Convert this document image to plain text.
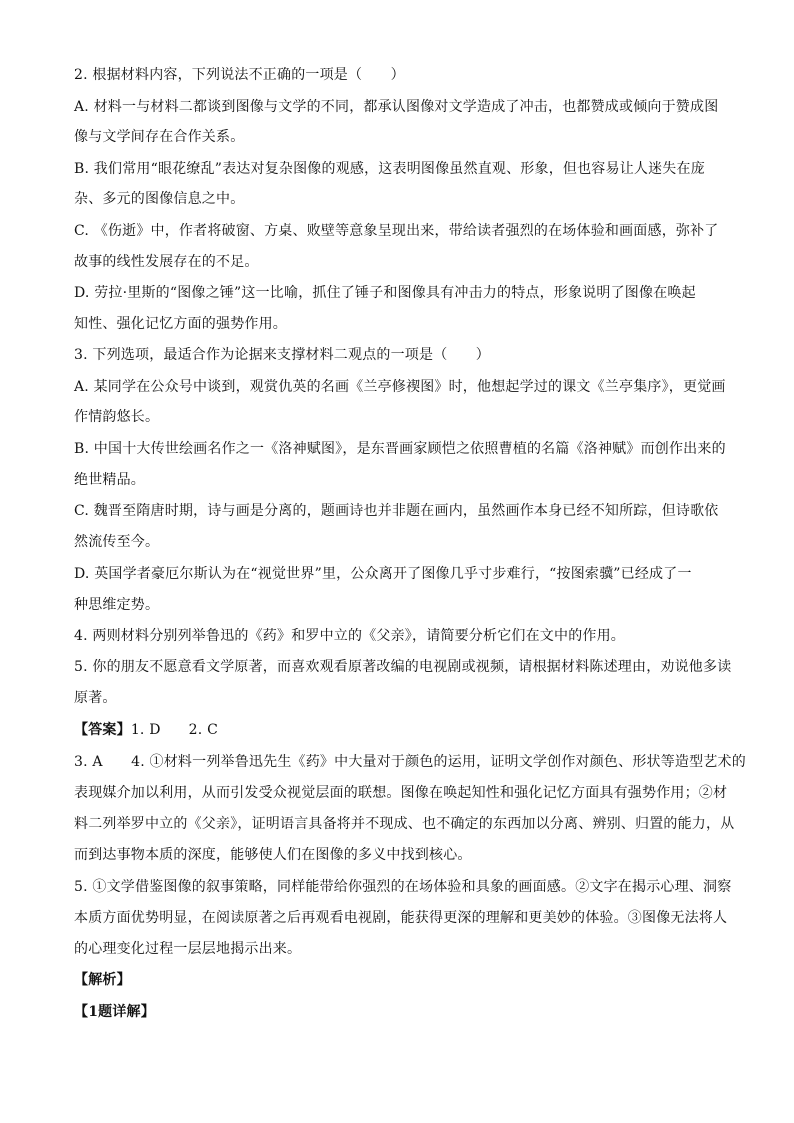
2. 根据材料内容，下列说法不正确的一项是（　　）
A. 材料一与材料二都谈到图像与文学的不同，都承认图像对文学造成了冲击，也都赞成或倾向于赞成图
像与文学间存在合作关系。
B. 我们常用“眼花缭乱”表达对复杂图像的观感，这表明图像虽然直观、形象，但也容易让人迷失在庞
杂、多元的图像信息之中。
C. 《伤逝》中，作者将破窗、方桌、败壁等意象呈现出来，带给读者强烈的在场体验和画面感，弥补了
故事的线性发展存在的不足。
D. 劳拉·里斯的“图像之锤”这一比喻，抓住了锤子和图像具有冲击力的特点，形象说明了图像在唤起
知性、强化记忆方面的强势作用。
3. 下列选项，最适合作为论据来支撑材料二观点的一项是（　　）
A. 某同学在公众号中谈到，观赏仇英的名画《兰亭修禊图》时，他想起学过的课文《兰亭集序》，更觉画
作情韵悠长。
B. 中国十大传世绘画名作之一《洛神赋图》，是东晋画家顾恺之依照曹植的名篇《洛神赋》而创作出来的
绝世精品。
C. 魏晋至隋唐时期，诗与画是分离的，题画诗也并非题在画内，虽然画作本身已经不知所踪，但诗歌依
然流传至今。
D. 英国学者豪厄尔斯认为在“视觉世界”里，公众离开了图像几乎寸步难行，“按图索骥”已经成了一
种思维定势。
4. 两则材料分别列举鲁迅的《药》和罗中立的《父亲》，请简要分析它们在文中的作用。
5. 你的朋友不愿意看文学原著，而喜欢观看原著改编的电视剧或视频，请根据材料陈述理由，劝说他多读
原著。
【答案】1. D 2. C
3. A　　4. ①材料一列举鲁迅先生《药》中大量对于颜色的运用，证明文学创作对颜色、形状等造型艺术的
表现媒介加以利用，从而引发受众视觉层面的联想。图像在唤起知性和强化记忆方面具有强势作用；②材
料二列举罗中立的《父亲》，证明语言具备将并不现成、也不确定的东西加以分离、辨别、归置的能力，从
而到达事物本质的深度，能够使人们在图像的多义中找到核心。
5. ①文学借鉴图像的叙事策略，同样能带给你强烈的在场体验和具象的画面感。②文字在揭示心理、洞察
本质方面优势明显，在阅读原著之后再观看电视剧，能获得更深的理解和更美妙的体验。③图像无法将人
的心理变化过程一层层地揭示出来。
【解析】
【1题详解】
